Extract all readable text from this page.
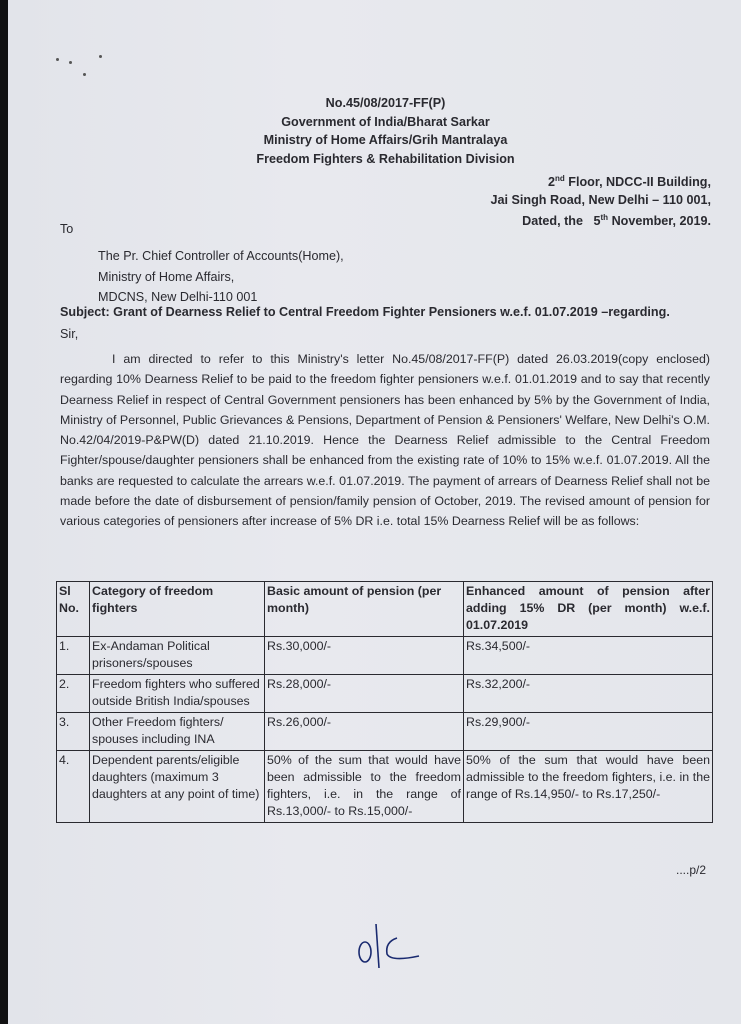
No.45/08/2017-FF(P)
Government of India/Bharat Sarkar
Ministry of Home Affairs/Grih Mantralaya
Freedom Fighters & Rehabilitation Division
2nd Floor, NDCC-II Building,
Jai Singh Road, New Delhi – 110 001,
Dated, the 5th November, 2019.
To
The Pr. Chief Controller of Accounts(Home),
Ministry of Home Affairs,
MDCNS, New Delhi-110 001
Subject: Grant of Dearness Relief to Central Freedom Fighter Pensioners w.e.f. 01.07.2019 –regarding.
Sir,
I am directed to refer to this Ministry's letter No.45/08/2017-FF(P) dated 26.03.2019(copy enclosed) regarding 10% Dearness Relief to be paid to the freedom fighter pensioners w.e.f. 01.01.2019 and to say that recently Dearness Relief in respect of Central Government pensioners has been enhanced by 5% by the Government of India, Ministry of Personnel, Public Grievances & Pensions, Department of Pension & Pensioners' Welfare, New Delhi's O.M. No.42/04/2019-P&PW(D) dated 21.10.2019. Hence the Dearness Relief admissible to the Central Freedom Fighter/spouse/daughter pensioners shall be enhanced from the existing rate of 10% to 15% w.e.f. 01.07.2019. All the banks are requested to calculate the arrears w.e.f. 01.07.2019. The payment of arrears of Dearness Relief shall not be made before the date of disbursement of pension/family pension of October, 2019. The revised amount of pension for various categories of pensioners after increase of 5% DR i.e. total 15% Dearness Relief will be as follows:
Sl No.	Category of freedom fighters	Basic amount of pension (per month)	Enhanced amount of pension after adding 15% DR (per month) w.e.f.
01.07.2019

1.	Ex-Andaman Political prisoners/spouses	Rs.30,000/-	Rs.34,500/-
2.	Freedom fighters who suffered outside British India/spouses	Rs.28,000/-	Rs.32,200/-
3.	Other Freedom fighters/ spouses including INA	Rs.26,000/-	Rs.29,900/-
4.	Dependent parents/eligible daughters (maximum 3 daughters at any point of time)	50% of the sum that would have been admissible to the freedom fighters, i.e. in the range of Rs.13,000/- to Rs.15,000/-	50% of the sum that would have been admissible to the freedom fighters, i.e. in the range of Rs.14,950/- to Rs.17,250/-
....p/2
